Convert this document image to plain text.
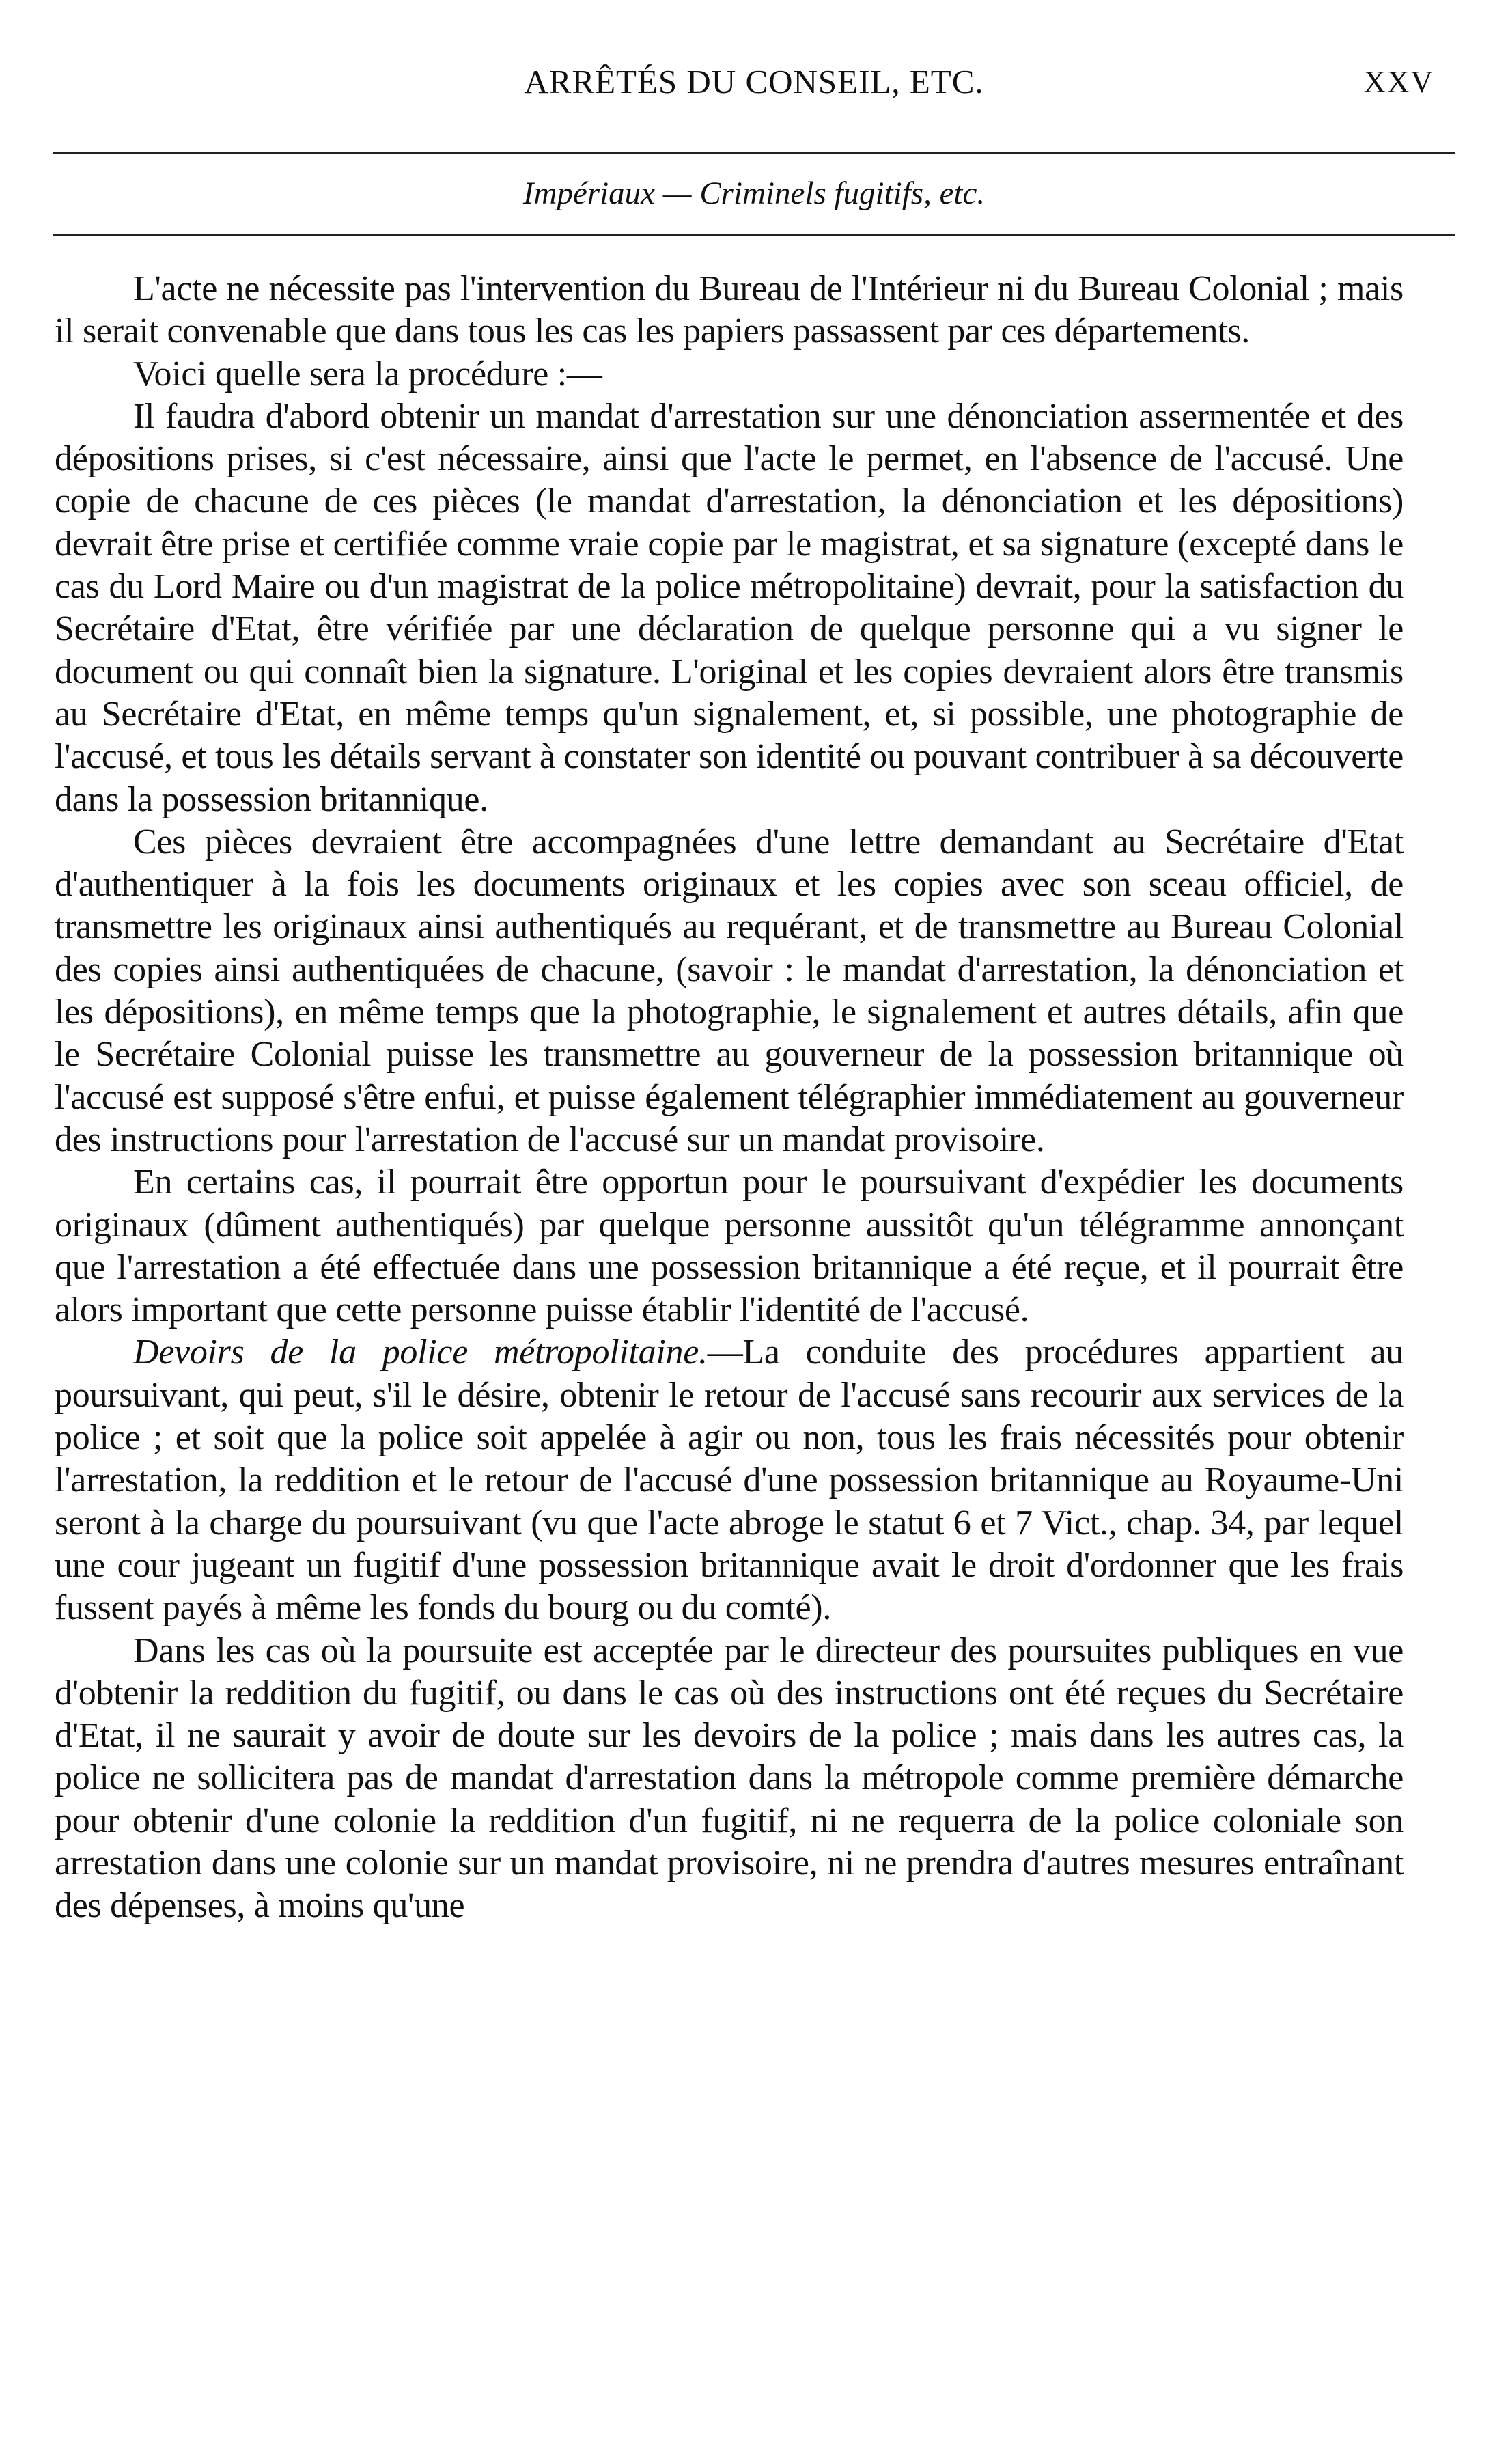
ARRÊTÉS DU CONSEIL, ETC.	XXV
Impériaux — Criminels fugitifs, etc.

L'acte ne nécessite pas l'intervention du Bureau de l'Intérieur ni du Bureau Colonial ; mais il serait convenable que dans tous les cas les papiers passassent par ces départements.

Voici quelle sera la procédure :—

Il faudra d'abord obtenir un mandat d'arrestation sur une dénonciation assermentée et des dépositions prises, si c'est nécessaire, ainsi que l'acte le permet, en l'absence de l'accusé. Une copie de chacune de ces pièces (le mandat d'arrestation, la dénonciation et les dépositions) devrait être prise et certifiée comme vraie copie par le magistrat, et sa signature (excepté dans le cas du Lord Maire ou d'un magistrat de la police métropolitaine) devrait, pour la satisfaction du Secrétaire d'Etat, être vérifiée par une déclaration de quelque personne qui a vu signer le document ou qui connaît bien la signature. L'original et les copies devraient alors être transmis au Secrétaire d'Etat, en même temps qu'un signalement, et, si possible, une photographie de l'accusé, et tous les détails servant à constater son identité ou pouvant contribuer à sa découverte dans la possession britannique.

Ces pièces devraient être accompagnées d'une lettre demandant au Secrétaire d'Etat d'authentiquer à la fois les documents originaux et les copies avec son sceau officiel, de transmettre les originaux ainsi authentiqués au requérant, et de transmettre au Bureau Colonial des copies ainsi authentiquées de chacune, (savoir : le mandat d'arrestation, la dénonciation et les dépositions), en même temps que la photographie, le signalement et autres détails, afin que le Secrétaire Colonial puisse les transmettre au gouverneur de la possession britannique où l'accusé est supposé s'être enfui, et puisse également télégraphier immédiatement au gouverneur des instructions pour l'arrestation de l'accusé sur un mandat provisoire.

En certains cas, il pourrait être opportun pour le poursuivant d'expédier les documents originaux (dûment authentiqués) par quelque personne aussitôt qu'un télégramme annonçant que l'arrestation a été effectuée dans une possession britannique a été reçue, et il pourrait être alors important que cette personne puisse établir l'identité de l'accusé.

Devoirs de la police métropolitaine.—La conduite des procédures appartient au poursuivant, qui peut, s'il le désire, obtenir le retour de l'accusé sans recourir aux services de la police ; et soit que la police soit appelée à agir ou non, tous les frais nécessités pour obtenir l'arrestation, la reddition et le retour de l'accusé d'une possession britannique au Royaume-Uni seront à la charge du poursuivant (vu que l'acte abroge le statut 6 et 7 Vict., chap. 34, par lequel une cour jugeant un fugitif d'une possession britannique avait le droit d'ordonner que les frais fussent payés à même les fonds du bourg ou du comté).

Dans les cas où la poursuite est acceptée par le directeur des poursuites publiques en vue d'obtenir la reddition du fugitif, ou dans le cas où des instructions ont été reçues du Secrétaire d'Etat, il ne saurait y avoir de doute sur les devoirs de la police ; mais dans les autres cas, la police ne sollicitera pas de mandat d'arrestation dans la métropole comme première démarche pour obtenir d'une colonie la reddition d'un fugitif, ni ne requerra de la police coloniale son arrestation dans une colonie sur un mandat provisoire, ni ne prendra d'autres mesures entraînant des dépenses, à moins qu'une
